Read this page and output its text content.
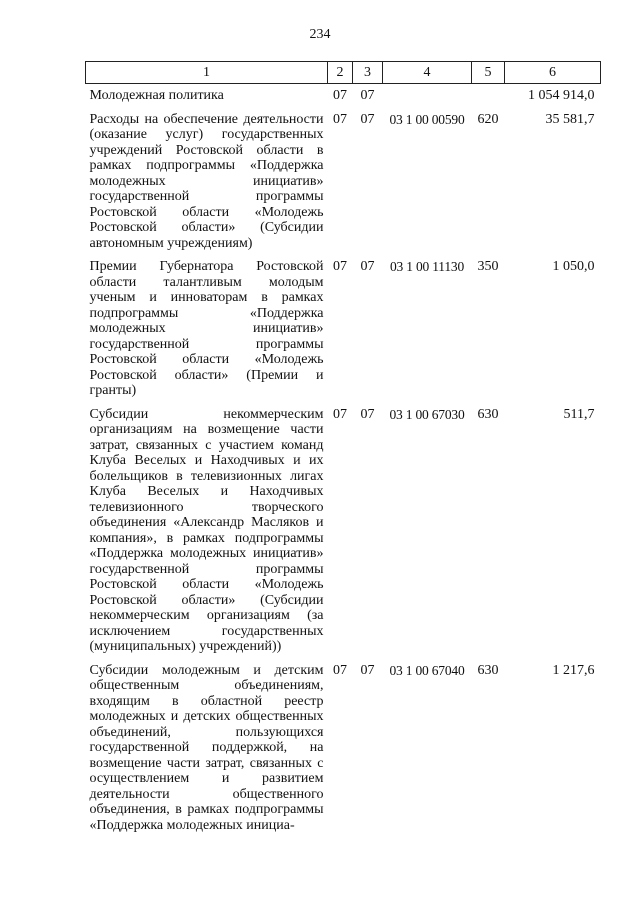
234
1	2	3	4	5	6
Молодежная политика	07	07			1 054 914,0
Расходы на обеспечение деятельности (оказание услуг) государственных учреждений Ростовской области в рамках подпрограммы «Поддержка молодежных инициатив» государственной программы Ростовской области «Молодежь Ростовской области» (Субсидии автономным учреждениям)	07	07	03 1 00 00590	620	35 581,7
Премии Губернатора Ростовской области талантливым молодым ученым и инноваторам в рамках подпрограммы «Поддержка молодежных инициатив» государственной программы Ростовской области «Молодежь Ростовской области» (Премии и гранты)	07	07	03 1 00 11130	350	1 050,0
Субсидии некоммерческим организациям на возмещение части затрат, связанных с участием команд Клуба Веселых и Находчивых и их болельщиков в телевизионных лигах Клуба Веселых и Находчивых телевизионного творческого объединения «Александр Масляков и компания», в рамках подпрограммы «Поддержка молодежных инициатив» государственной программы Ростовской области «Молодежь Ростовской области» (Субсидии некоммерческим организациям (за исключением государственных (муниципальных) учреждений))	07	07	03 1 00 67030	630	511,7
Субсидии молодежным и детским общественным объединениям, входящим в областной реестр молодежных и детских общественных объединений, пользующихся государственной поддержкой, на возмещение части затрат, связанных с осуществлением и развитием деятельности общественного объединения, в рамках подпрограммы «Поддержка молодежных инициа-	07	07	03 1 00 67040	630	1 217,6
